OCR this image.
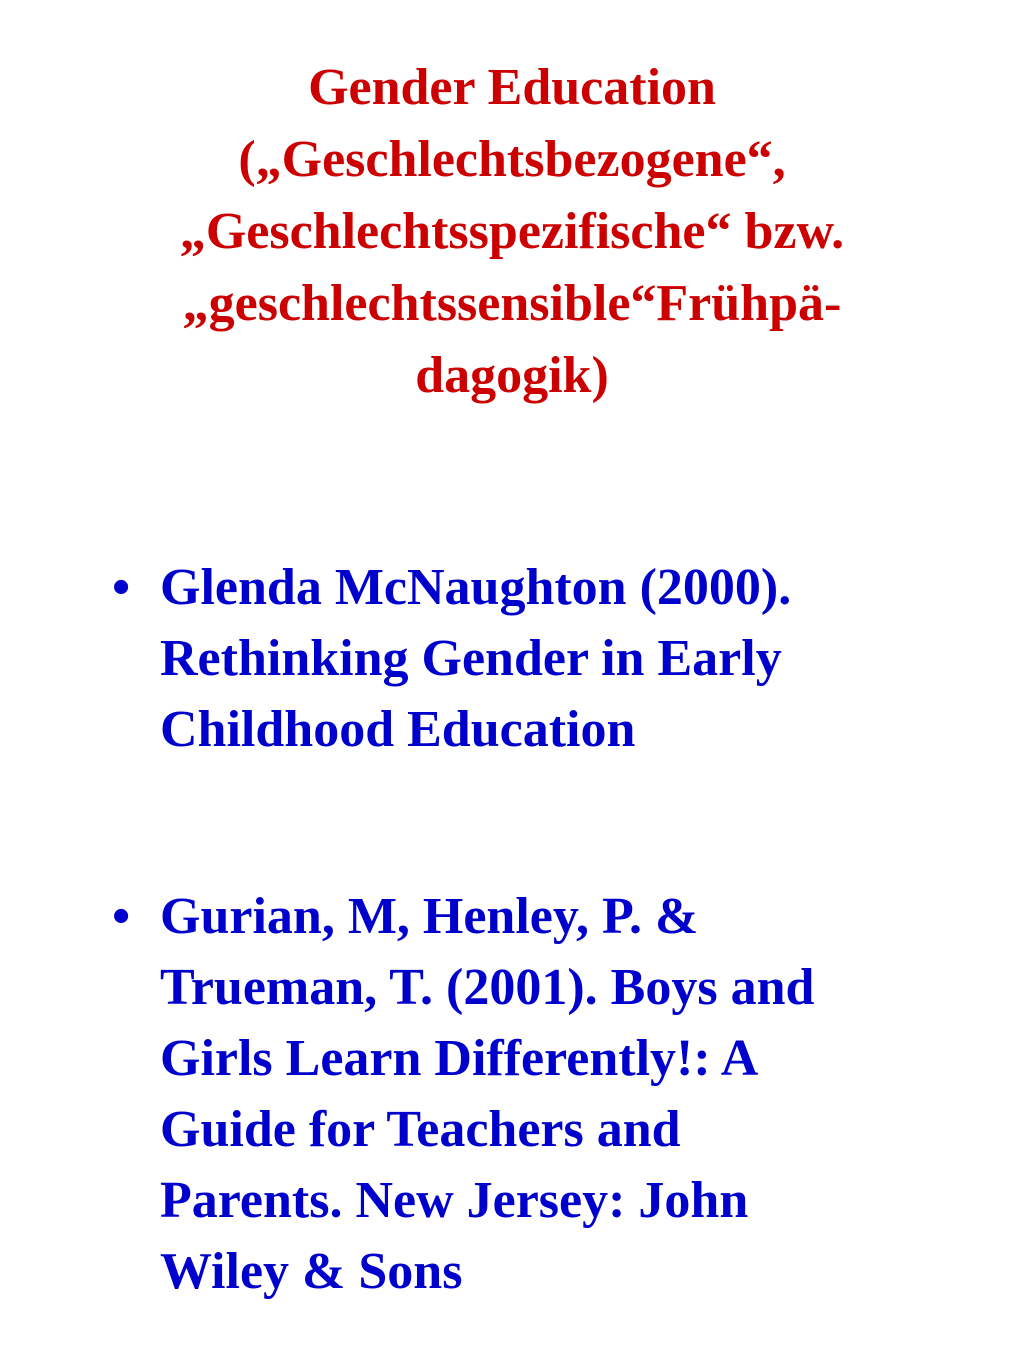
Gender Education
(„Geschlechtsbezogene“,
„Geschlechtsspezifische“ bzw.
„geschlechtssensible“Frühpä-
dagogik)
• Glenda McNaughton (2000).
Rethinking Gender in Early
Childhood Education
• Gurian, M, Henley, P. &
Trueman, T. (2001). Boys and
Girls Learn Differently!: A
Guide for Teachers and
Parents. New Jersey: John
Wiley & Sons
